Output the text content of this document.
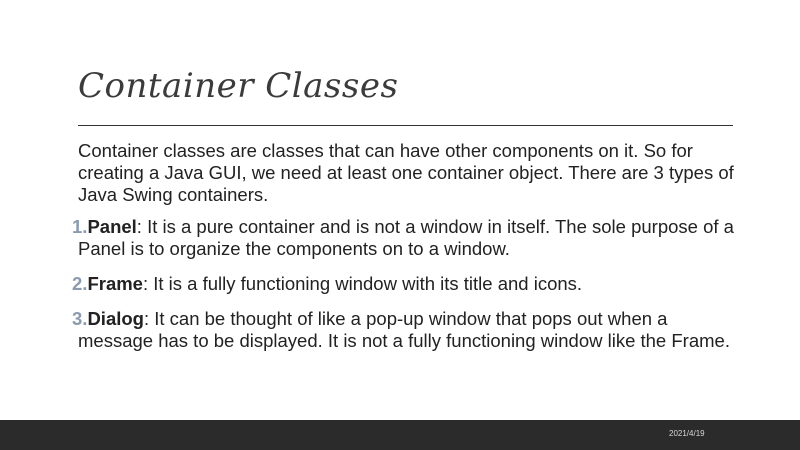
Container Classes

Container classes are classes that can have other components on it. So for creating a Java GUI, we need at least one container object. There are 3 types of Java Swing containers.

1.Panel: It is a pure container and is not a window in itself. The sole purpose of a Panel is to organize the components on to a window.
2.Frame: It is a fully functioning window with its title and icons.
3.Dialog: It can be thought of like a pop-up window that pops out when a message has to be displayed. It is not a fully functioning window like the Frame.
2021/4/19
